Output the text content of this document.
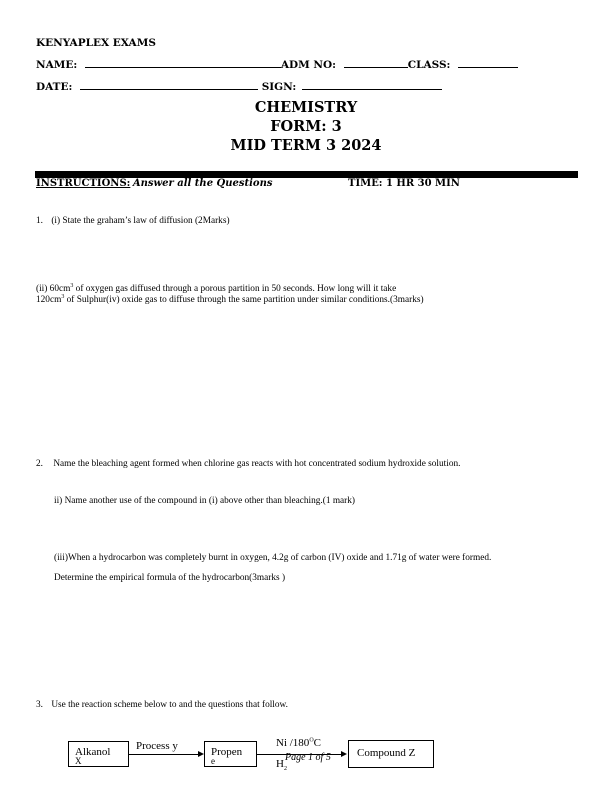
KENYAPLEX EXAMS
NAME:	ADM NO:	CLASS:
DATE:	SIGN:
CHEMISTRY
FORM: 3
MID TERM 3 2024
INSTRUCTIONS: Answer all the Questions	TIME: 1 HR 30 MIN
1. (i) State the graham’s law of diffusion (2Marks)
(ii) $60cm^3$ of oxygen gas diffused through a porous partition in 50 seconds. How long will it take
$120cm^3$ of Sulphur(iv) oxide gas to diffuse through the same partition under similar conditions.(3marks)
2. Name the bleaching agent formed when chlorine gas reacts with hot concentrated sodium hydroxide solution.
ii) Name another use of the compound in (i) above other than bleaching.(1 mark)
(iii)When a hydrocarbon was completely burnt in oxygen, 4.2g of carbon (IV) oxide and 1.71g of water were formed.
Determine the empirical formula of the hydrocarbon(3marks )
3. Use the reaction scheme below to and the questions that follow.
Alkanol
X
Process y	Propen
e
Ni $/180^OC$
$H_2$
Compound Z
Page 1 of 5
